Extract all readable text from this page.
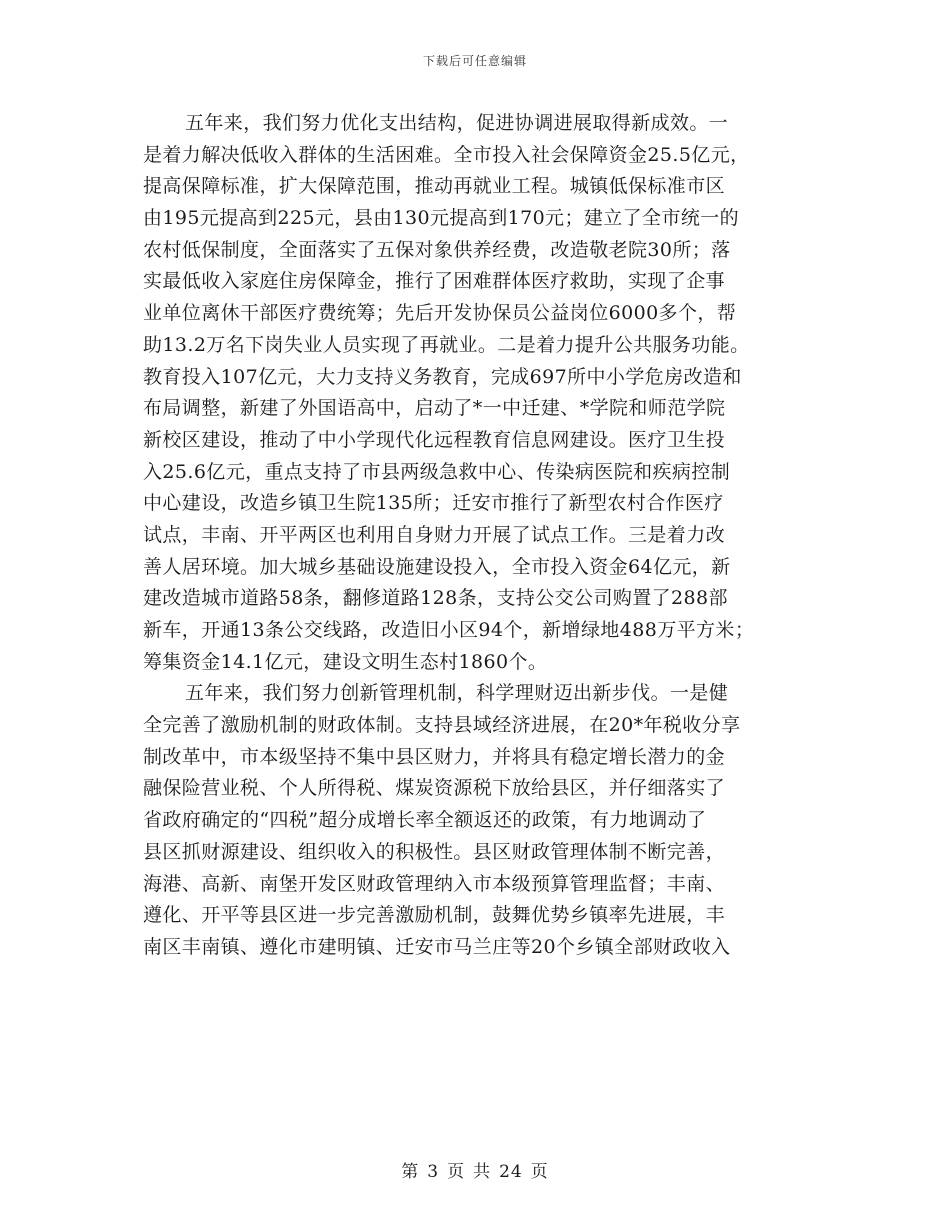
下载后可任意编辑
五年来，我们努力优化支出结构，促进协调进展取得新成效。一
是着力解决低收入群体的生活困难。全市投入社会保障资金25.5亿元，
提高保障标准，扩大保障范围，推动再就业工程。城镇低保标准市区
由195元提高到225元，县由130元提高到170元；建立了全市统一的
农村低保制度，全面落实了五保对象供养经费，改造敬老院30所；落
实最低收入家庭住房保障金，推行了困难群体医疗救助，实现了企事
业单位离休干部医疗费统筹；先后开发协保员公益岗位6000多个，帮
助13.2万名下岗失业人员实现了再就业。二是着力提升公共服务功能。
教育投入107亿元，大力支持义务教育，完成697所中小学危房改造和
布局调整，新建了外国语高中，启动了*一中迁建、*学院和师范学院
新校区建设，推动了中小学现代化远程教育信息网建设。医疗卫生投
入25.6亿元，重点支持了市县两级急救中心、传染病医院和疾病控制
中心建设，改造乡镇卫生院135所；迁安市推行了新型农村合作医疗
试点，丰南、开平两区也利用自身财力开展了试点工作。三是着力改
善人居环境。加大城乡基础设施建设投入，全市投入资金64亿元，新
建改造城市道路58条，翻修道路128条，支持公交公司购置了288部
新车，开通13条公交线路，改造旧小区94个，新增绿地488万平方米；
筹集资金14.1亿元，建设文明生态村1860个。
五年来，我们努力创新管理机制，科学理财迈出新步伐。一是健
全完善了激励机制的财政体制。支持县域经济进展，在20*年税收分享
制改革中，市本级坚持不集中县区财力，并将具有稳定增长潜力的金
融保险营业税、个人所得税、煤炭资源税下放给县区，并仔细落实了
省政府确定的“四税”超分成增长率全额返还的政策，有力地调动了
县区抓财源建设、组织收入的积极性。县区财政管理体制不断完善，
海港、高新、南堡开发区财政管理纳入市本级预算管理监督；丰南、
遵化、开平等县区进一步完善激励机制，鼓舞优势乡镇率先进展，丰
南区丰南镇、遵化市建明镇、迁安市马兰庄等20个乡镇全部财政收入
第 3 页 共 24 页
